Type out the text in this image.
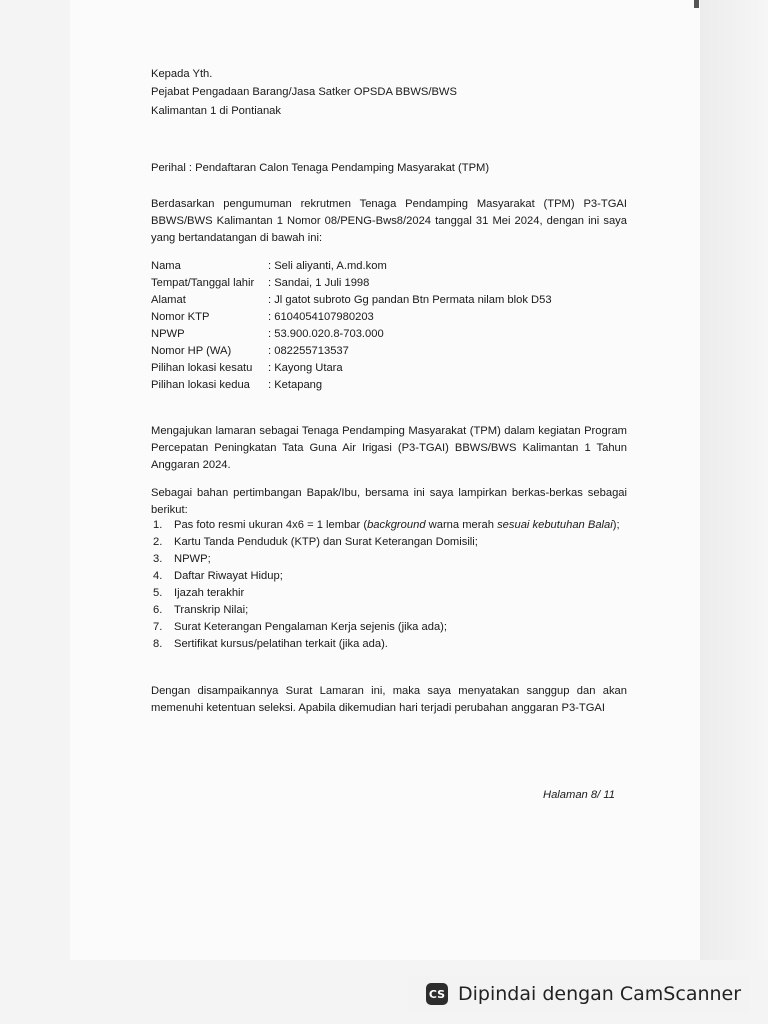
Kepada Yth.
Pejabat Pengadaan Barang/Jasa Satker OPSDA BBWS/BWS
Kalimantan 1 di Pontianak
Perihal : Pendaftaran Calon Tenaga Pendamping Masyarakat (TPM)
Berdasarkan pengumuman rekrutmen Tenaga Pendamping Masyarakat (TPM) P3-TGAI BBWS/BWS Kalimantan 1 Nomor 08/PENG-Bws8/2024 tanggal 31 Mei 2024, dengan ini saya yang bertandatangan di bawah ini:
Nama	: Seli aliyanti, A.md.kom
Tempat/Tanggal lahir : Sandai, 1 Juli 1998
Alamat	: Jl gatot subroto Gg pandan Btn Permata nilam blok D53
Nomor KTP	: 6104054107980203
NPWP	: 53.900.020.8-703.000
Nomor HP (WA)	: 082255713537
Pilihan lokasi kesatu : Kayong Utara
Pilihan lokasi kedua : Ketapang
Mengajukan lamaran sebagai Tenaga Pendamping Masyarakat (TPM) dalam kegiatan Program Percepatan Peningkatan Tata Guna Air Irigasi (P3-TGAI) BBWS/BWS Kalimantan 1 Tahun Anggaran 2024.
Sebagai bahan pertimbangan Bapak/Ibu, bersama ini saya lampirkan berkas-berkas sebagai berikut:
1. Pas foto resmi ukuran 4x6 = 1 lembar (background warna merah sesuai kebutuhan Balai);
2. Kartu Tanda Penduduk (KTP) dan Surat Keterangan Domisili;
3. NPWP;
4. Daftar Riwayat Hidup;
5. Ijazah terakhir
6. Transkrip Nilai;
7. Surat Keterangan Pengalaman Kerja sejenis (jika ada);
8. Sertifikat kursus/pelatihan terkait (jika ada).
Dengan disampaikannya Surat Lamaran ini, maka saya menyatakan sanggup dan akan memenuhi ketentuan seleksi. Apabila dikemudian hari terjadi perubahan anggaran P3-TGAI
Halaman 8/ 11
CS Dipindai dengan CamScanner
